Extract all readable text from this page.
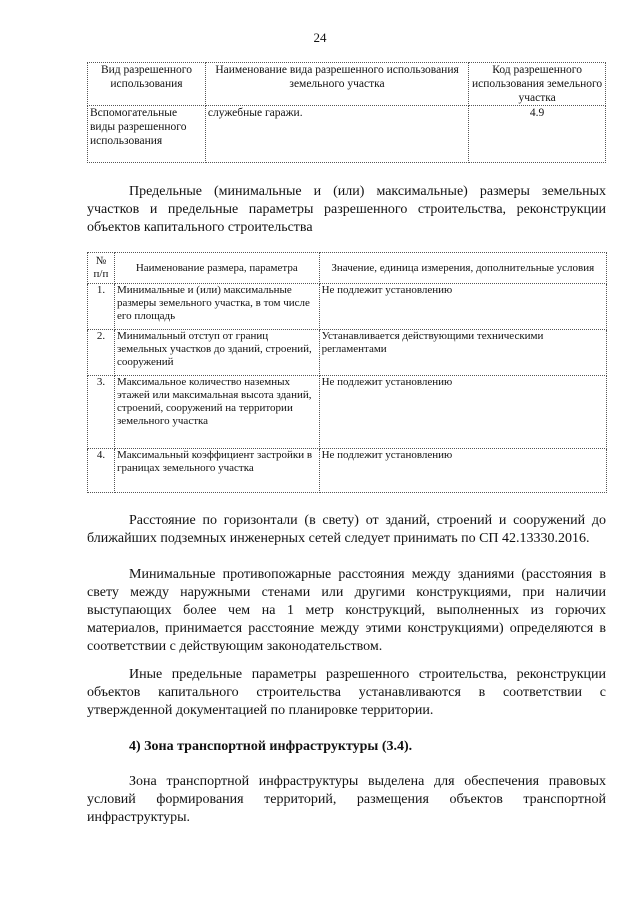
24
Вид разрешенного использования	Наименование вида разрешенного использования земельного участка	Код разрешенного использования земельного участка
Вспомогательные виды разрешенного использования	служебные гаражи.	4.9

Предельные (минимальные и (или) максимальные) размеры земельных участков и предельные параметры разрешенного строительства, реконструкции объектов капитального строительства

№ п/п	Наименование размера, параметра	Значение, единица измерения, дополнительные условия
1.	Минимальные и (или) максимальные размеры земельного участка, в том числе его площадь	Не подлежит установлению
2.	Минимальный отступ от границ земельных участков до зданий, строений, сооружений	Устанавливается действующими техническими регламентами
3.	Максимальное количество наземных этажей или максимальная высота зданий, строений, сооружений на территории земельного участка	Не подлежит установлению
4.	Максимальный коэффициент застройки в границах земельного участка	Не подлежит установлению

Расстояние по горизонтали (в свету) от зданий, строений и сооружений до ближайших подземных инженерных сетей следует принимать по СП 42.13330.2016.

Минимальные противопожарные расстояния между зданиями (расстояния в свету между наружными стенами или другими конструкциями, при наличии выступающих более чем на 1 метр конструкций, выполненных из горючих материалов, принимается расстояние между этими конструкциями) определяются в соответствии с действующим законодательством.

Иные предельные параметры разрешенного строительства, реконструкции объектов капитального строительства устанавливаются в соответствии с утвержденной документацией по планировке территории.

4) Зона транспортной инфраструктуры (3.4).

Зона транспортной инфраструктуры выделена для обеспечения правовых условий формирования территорий, размещения объектов транспортной инфраструктуры.
